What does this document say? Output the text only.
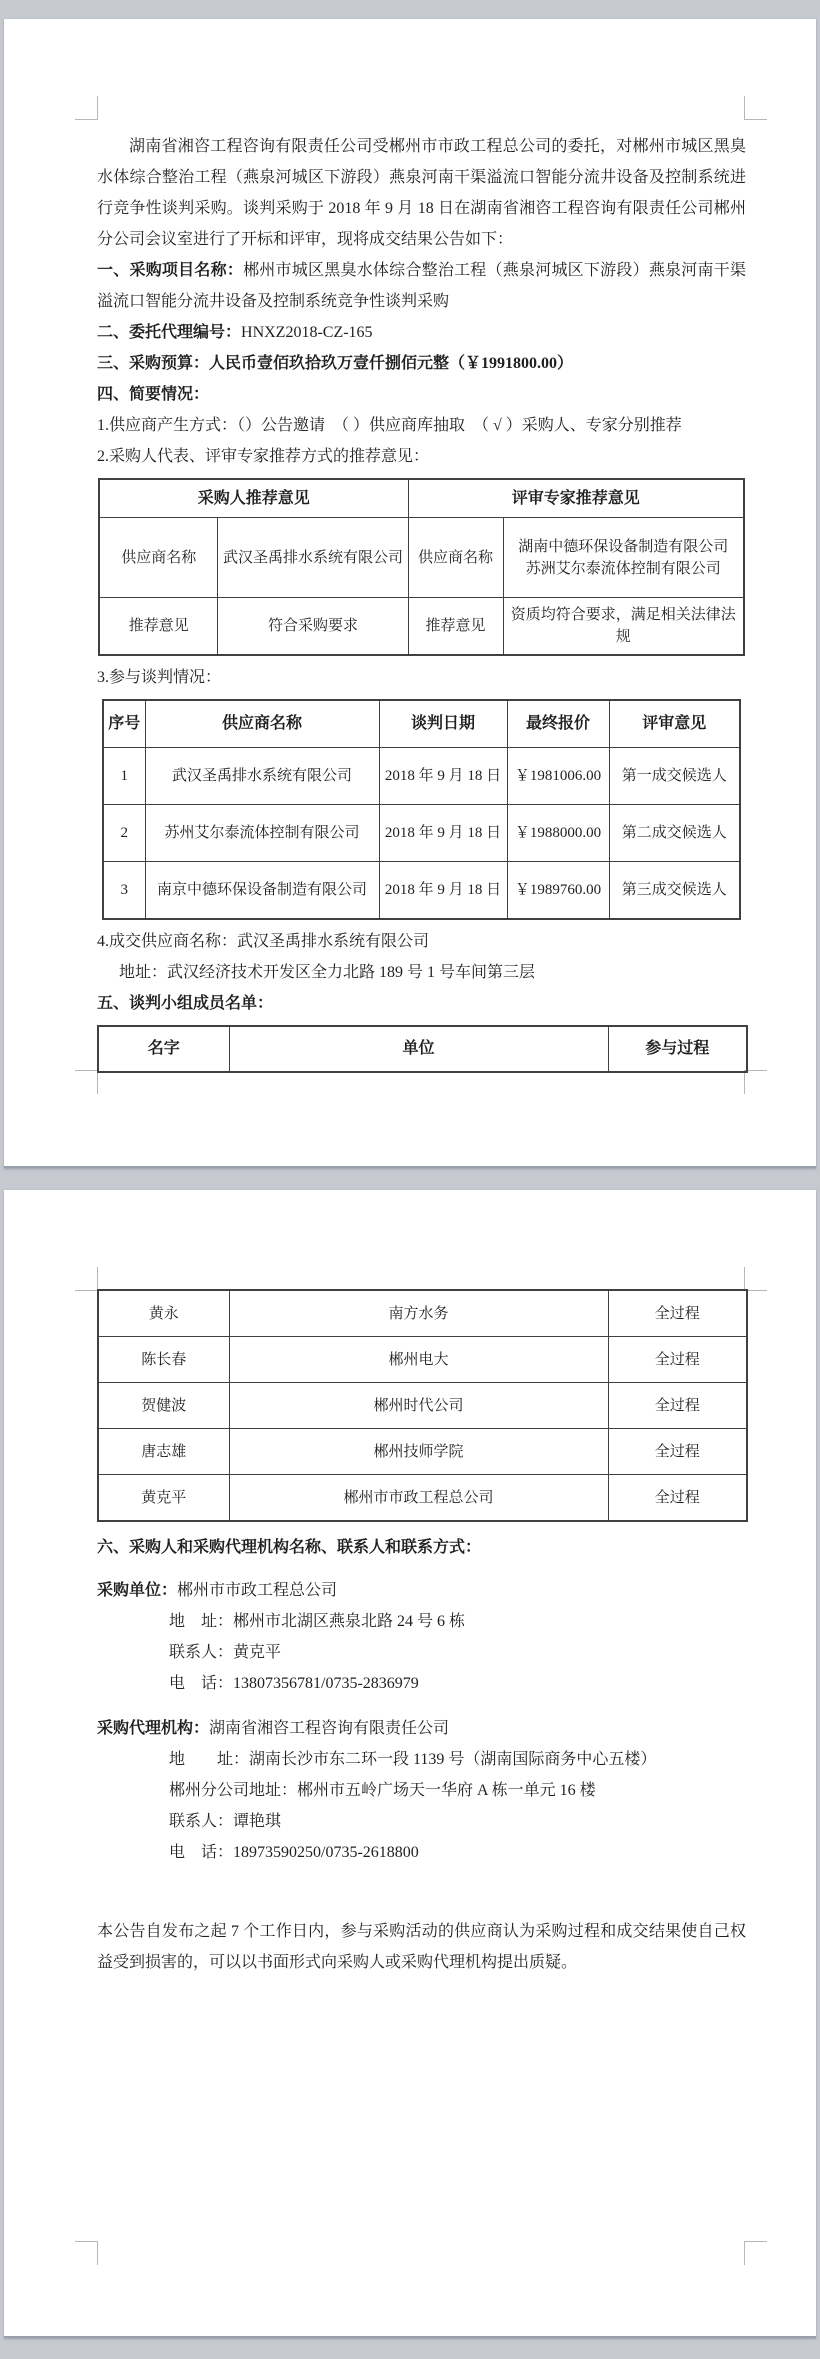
湖南省湘咨工程咨询有限责任公司受郴州市市政工程总公司的委托，对郴州市城区黑臭水体综合整治工程（燕泉河城区下游段）燕泉河南干渠溢流口智能分流井设备及控制系统进行竞争性谈判采购。谈判采购于 2018 年 9 月 18 日在湖南省湘咨工程咨询有限责任公司郴州分公司会议室进行了开标和评审，现将成交结果公告如下：

一、采购项目名称：郴州市城区黑臭水体综合整治工程（燕泉河城区下游段）燕泉河南干渠溢流口智能分流井设备及控制系统竞争性谈判采购

二、委托代理编号：HNXZ2018-CZ-165

三、采购预算：人民币壹佰玖拾玖万壹仟捌佰元整（￥1991800.00）

四、简要情况：

1.供应商产生方式：（）公告邀请　（ ）供应商库抽取　（ √ ）采购人、专家分别推荐

2.采购人代表、评审专家推荐方式的推荐意见：

采购人推荐意见		评审专家推荐意见	
供应商名称	武汉圣禹排水系统有限公司	供应商名称	湖南中德环保设备制造有限公司
苏洲艾尔泰流体控制有限公司

推荐意见	符合采购要求	推荐意见	资质均符合要求，满足相关法律法规

3.参与谈判情况：

序号	供应商名称	谈判日期	最终报价	评审意见
1	武汉圣禹排水系统有限公司	2018 年 9 月 18 日	￥1981006.00	第一成交候选人
2	苏州艾尔泰流体控制有限公司	2018 年 9 月 18 日	￥1988000.00	第二成交候选人
3	南京中德环保设备制造有限公司	2018 年 9 月 18 日	￥1989760.00	第三成交候选人

4.成交供应商名称：武汉圣禹排水系统有限公司

地址：武汉经济技术开发区全力北路 189 号 1 号车间第三层

五、谈判小组成员名单：

名字	单位	参与过程
黄永	南方水务	全过程
陈长春	郴州电大	全过程
贺健波	郴州时代公司	全过程
唐志雄	郴州技师学院	全过程
黄克平	郴州市市政工程总公司	全过程

六、采购人和采购代理机构名称、联系人和联系方式：

采购单位：郴州市市政工程总公司

地　址：郴州市北湖区燕泉北路 24 号 6 栋

联系人：黄克平

电　话：13807356781/0735-2836979

采购代理机构：湖南省湘咨工程咨询有限责任公司

地　　址：湖南长沙市东二环一段 1139 号（湖南国际商务中心五楼）

郴州分公司地址：郴州市五岭广场天一华府 A 栋一单元 16 楼

联系人：谭艳琪

电　话：18973590250/0735-2618800

本公告自发布之起 7 个工作日内，参与采购活动的供应商认为采购过程和成交结果使自己权益受到损害的，可以以书面形式向采购人或采购代理机构提出质疑。
